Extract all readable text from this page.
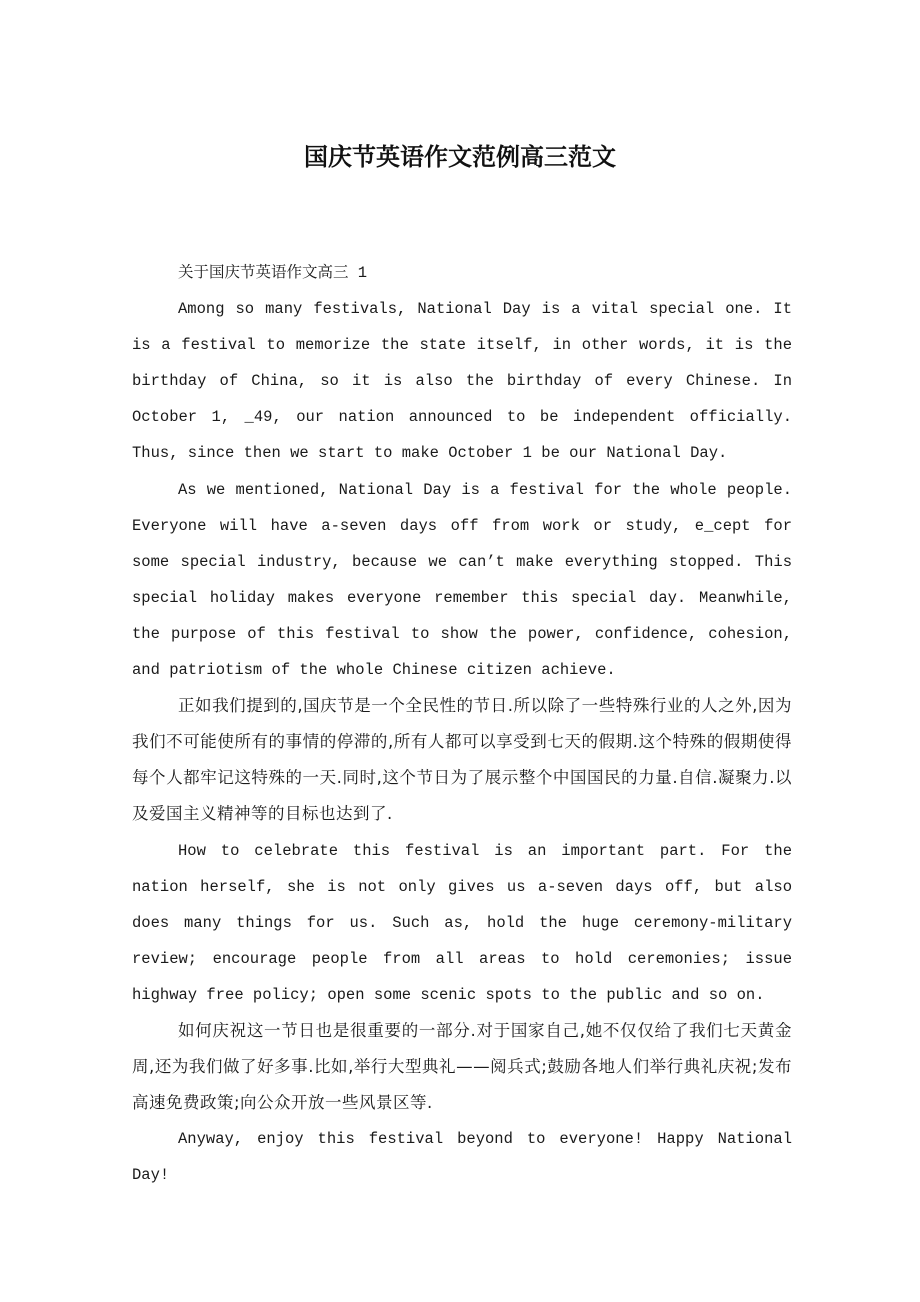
国庆节英语作文范例高三范文

关于国庆节英语作文高三 1

Among so many festivals, National Day is a vital special one. It is a festival to memorize the state itself, in other words, it is the birthday of China, so it is also the birthday of every Chinese. In October 1, _49, our nation announced to be independent officially. Thus, since then we start to make October 1 be our National Day.

As we mentioned, National Day is a festival for the whole people. Everyone will have a-seven days off from work or study, e_cept for some special industry, because we can’t make everything stopped. This special holiday makes everyone remember this special day. Meanwhile, the purpose of this festival to show the power, confidence, cohesion, and patriotism of the whole Chinese citizen achieve.

正如我们提到的,国庆节是一个全民性的节日.所以除了一些特殊行业的人之外,因为我们不可能使所有的事情的停滞的,所有人都可以享受到七天的假期.这个特殊的假期使得每个人都牢记这特殊的一天.同时,这个节日为了展示整个中国国民的力量.自信.凝聚力.以及爱国主义精神等的目标也达到了.

How to celebrate this festival is an important part. For the nation herself, she is not only gives us a-seven days off, but also does many things for us. Such as, hold the huge ceremony-military review; encourage people from all areas to hold ceremonies; issue highway free policy; open some scenic spots to the public and so on.

如何庆祝这一节日也是很重要的一部分.对于国家自己,她不仅仅给了我们七天黄金周,还为我们做了好多事.比如,举行大型典礼——阅兵式;鼓励各地人们举行典礼庆祝;发布高速免费政策;向公众开放一些风景区等.

Anyway, enjoy this festival beyond to everyone! Happy National Day!
